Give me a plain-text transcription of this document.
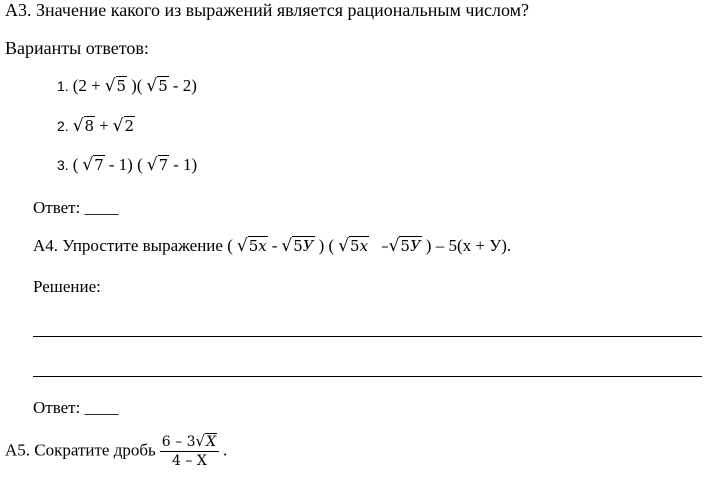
А3. Значение какого из выражений является рациональным числом?
Варианты ответов:
1. (2 + √5 )( √5 - 2)
2. √8 + √2
3. ( √7 - 1) ( √7 - 1)
Ответ: ____
А4. Упростите выражение ( √5x - √5У ) ( √5x –√5У ) – 5(x + У).
Решение:
Ответ: ____
А5. Сократите дробь $\frac{6 - 3√X}{4 - X}$ .
